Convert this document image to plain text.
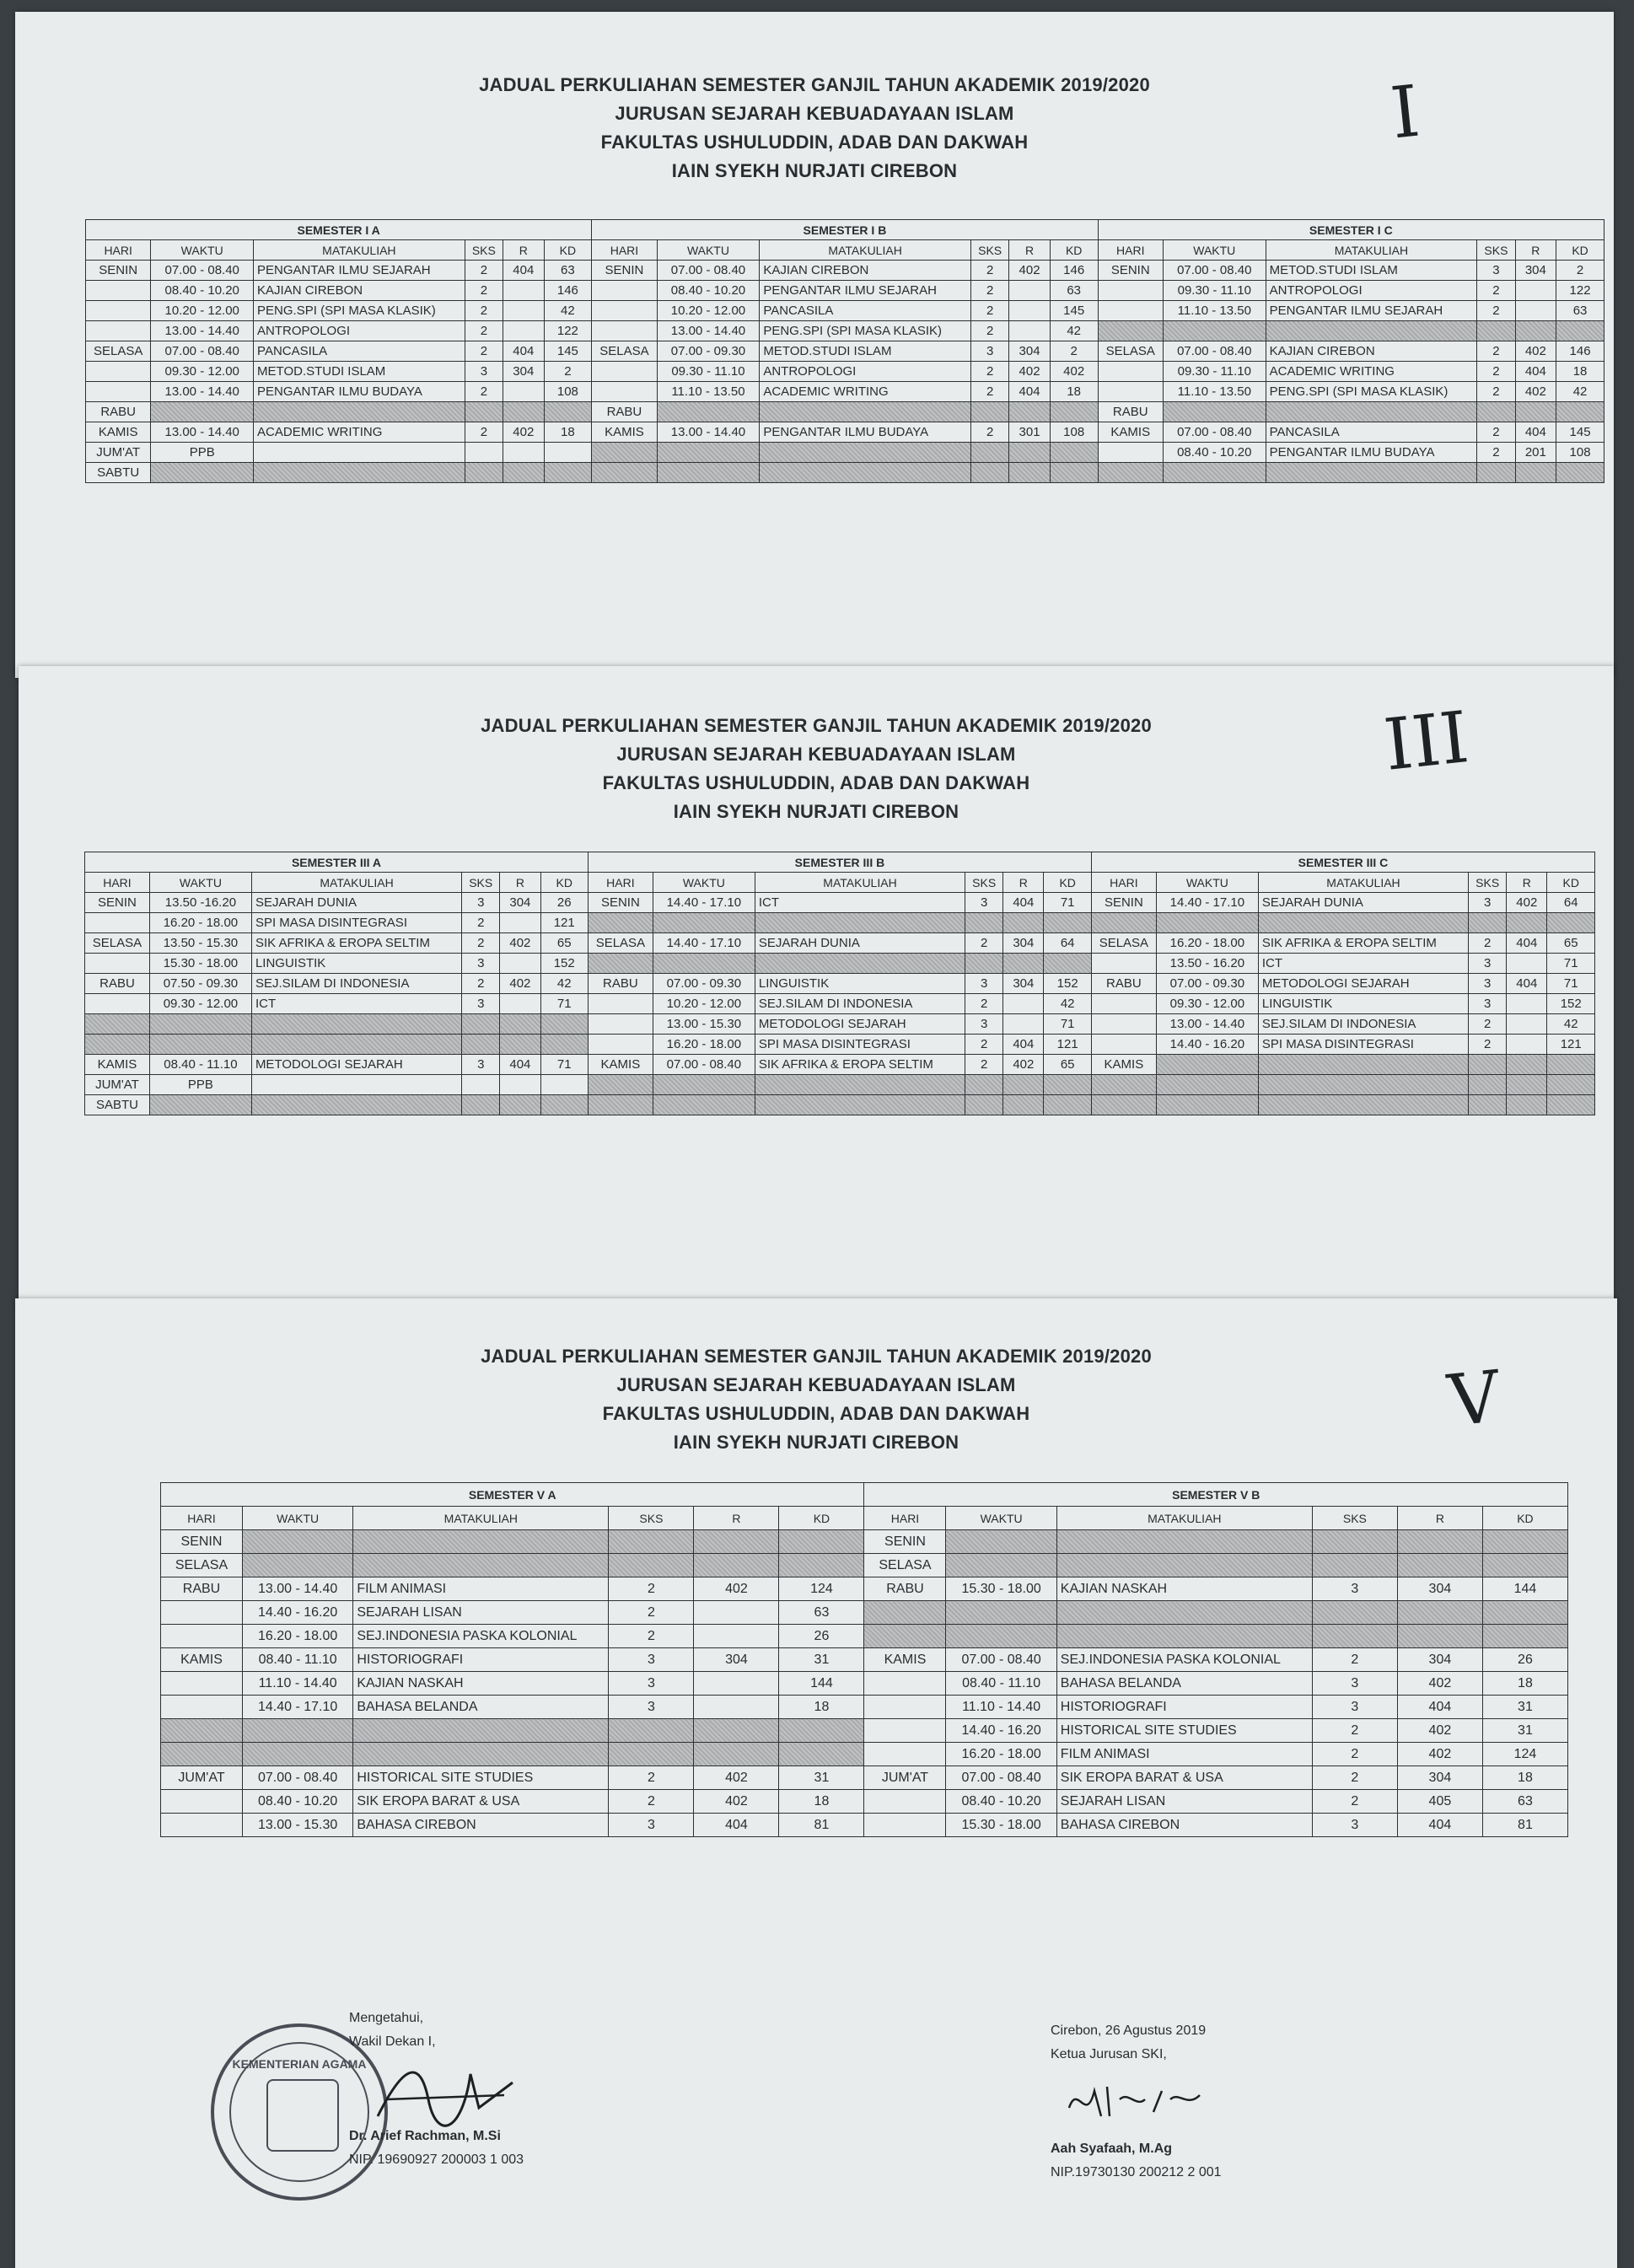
JADUAL PERKULIAHAN SEMESTER GANJIL TAHUN AKADEMIK 2019/2020
JURUSAN SEJARAH KEBUADAYAAN ISLAM
FAKULTAS USHULUDDIN, ADAB DAN DAKWAH
IAIN SYEKH NURJATI CIREBON
I
SEMESTER I A						SEMESTER I B						SEMESTER I C					
HARI	WAKTU	MATAKULIAH	SKS	R	KD	HARI	WAKTU	MATAKULIAH	SKS	R	KD	HARI	WAKTU	MATAKULIAH	SKS	R	KD
SENIN	07.00 - 08.40	PENGANTAR ILMU SEJARAH	2	404	63	SENIN	07.00 - 08.40	KAJIAN CIREBON	2	402	146	SENIN	07.00 - 08.40	METOD.STUDI ISLAM	3	304	2
	08.40 - 10.20	KAJIAN CIREBON	2		146		08.40 - 10.20	PENGANTAR ILMU SEJARAH	2		63		09.30 - 11.10	ANTROPOLOGI	2		122
	10.20 - 12.00	PENG.SPI (SPI MASA KLASIK)	2		42		10.20 - 12.00	PANCASILA	2		145		11.10 - 13.50	PENGANTAR ILMU SEJARAH	2		63
	13.00 - 14.40	ANTROPOLOGI	2		122		13.00 - 14.40	PENG.SPI (SPI MASA KLASIK)	2		42						
SELASA	07.00 - 08.40	PANCASILA	2	404	145	SELASA	07.00 - 09.30	METOD.STUDI ISLAM	3	304	2	SELASA	07.00 - 08.40	KAJIAN CIREBON	2	402	146
	09.30 - 12.00	METOD.STUDI ISLAM	3	304	2		09.30 - 11.10	ANTROPOLOGI	2	402	402		09.30 - 11.10	ACADEMIC WRITING	2	404	18
	13.00 - 14.40	PENGANTAR ILMU BUDAYA	2		108		11.10 - 13.50	ACADEMIC WRITING	2	404	18		11.10 - 13.50	PENG.SPI (SPI MASA KLASIK)	2	402	42
RABU						RABU						RABU					
KAMIS	13.00 - 14.40	ACADEMIC WRITING	2	402	18	KAMIS	13.00 - 14.40	PENGANTAR ILMU BUDAYA	2	301	108	KAMIS	07.00 - 08.40	PANCASILA	2	404	145
JUM'AT	PPB												08.40 - 10.20	PENGANTAR ILMU BUDAYA	2	201	108
SABTU																	
JADUAL PERKULIAHAN SEMESTER GANJIL TAHUN AKADEMIK 2019/2020
JURUSAN SEJARAH KEBUADAYAAN ISLAM
FAKULTAS USHULUDDIN, ADAB DAN DAKWAH
IAIN SYEKH NURJATI CIREBON
III
SEMESTER III A						SEMESTER III B						SEMESTER III C					
HARI	WAKTU	MATAKULIAH	SKS	R	KD	HARI	WAKTU	MATAKULIAH	SKS	R	KD	HARI	WAKTU	MATAKULIAH	SKS	R	KD
SENIN	13.50 -16.20	SEJARAH DUNIA	3	304	26	SENIN	14.40 - 17.10	ICT	3	404	71	SENIN	14.40 - 17.10	SEJARAH DUNIA	3	402	64
	16.20 - 18.00	SPI MASA DISINTEGRASI	2		121												
SELASA	13.50 - 15.30	SIK AFRIKA & EROPA SELTIM	2	402	65	SELASA	14.40 - 17.10	SEJARAH DUNIA	2	304	64	SELASA	16.20 - 18.00	SIK AFRIKA & EROPA SELTIM	2	404	65
	15.30 - 18.00	LINGUISTIK	3		152								13.50 - 16.20	ICT	3		71
RABU	07.50 - 09.30	SEJ.SILAM DI INDONESIA	2	402	42	RABU	07.00 - 09.30	LINGUISTIK	3	304	152	RABU	07.00 - 09.30	METODOLOGI SEJARAH	3	404	71
	09.30 - 12.00	ICT	3		71		10.20 - 12.00	SEJ.SILAM DI INDONESIA	2		42		09.30 - 12.00	LINGUISTIK	3		152
							13.00 - 15.30	METODOLOGI SEJARAH	3		71		13.00 - 14.40	SEJ.SILAM DI INDONESIA	2		42
							16.20 - 18.00	SPI MASA DISINTEGRASI	2	404	121		14.40 - 16.20	SPI MASA DISINTEGRASI	2		121
KAMIS	08.40 - 11.10	METODOLOGI SEJARAH	3	404	71	KAMIS	07.00 - 08.40	SIK AFRIKA & EROPA SELTIM	2	402	65	KAMIS					
JUM'AT	PPB																
SABTU																	
JADUAL PERKULIAHAN SEMESTER GANJIL TAHUN AKADEMIK 2019/2020
JURUSAN SEJARAH KEBUADAYAAN ISLAM
FAKULTAS USHULUDDIN, ADAB DAN DAKWAH
IAIN SYEKH NURJATI CIREBON	V
SEMESTER V A						SEMESTER V B					
HARI	WAKTU	MATAKULIAH	SKS	R	KD	HARI	WAKTU	MATAKULIAH	SKS	R	KD
SENIN						SENIN					
SELASA						SELASA					
RABU	13.00 - 14.40	FILM ANIMASI	2	402	124	RABU	15.30 - 18.00	KAJIAN NASKAH	3	304	144
	14.40 - 16.20	SEJARAH LISAN	2		63						
	16.20 - 18.00	SEJ.INDONESIA PASKA KOLONIAL	2		26						
KAMIS	08.40 - 11.10	HISTORIOGRAFI	3	304	31	KAMIS	07.00 - 08.40	SEJ.INDONESIA PASKA KOLONIAL	2	304	26
	11.10 - 14.40	KAJIAN NASKAH	3		144		08.40 - 11.10	BAHASA BELANDA	3	402	18
	14.40 - 17.10	BAHASA BELANDA	3		18		11.10 - 14.40	HISTORIOGRAFI	3	404	31
							14.40 - 16.20	HISTORICAL SITE STUDIES	2	402	31
							16.20 - 18.00	FILM ANIMASI	2	402	124
JUM'AT	07.00 - 08.40	HISTORICAL SITE STUDIES	2	402	31	JUM'AT	07.00 - 08.40	SIK EROPA BARAT & USA	2	304	18
	08.40 - 10.20	SIK EROPA BARAT & USA	2	402	18		08.40 - 10.20	SEJARAH LISAN	2	405	63
	13.00 - 15.30	BAHASA CIREBON	3	404	81		15.30 - 18.00	BAHASA CIREBON	3	404	81
KEMENTERIAN AGAMA
Mengetahui,
Wakil Dekan I,
Dr. Arief Rachman, M.Si
NIP. 19690927 200003 1 003
Cirebon, 26 Agustus 2019
Ketua Jurusan SKI,
Aah Syafaah, M.Ag
NIP.19730130 200212 2 001
